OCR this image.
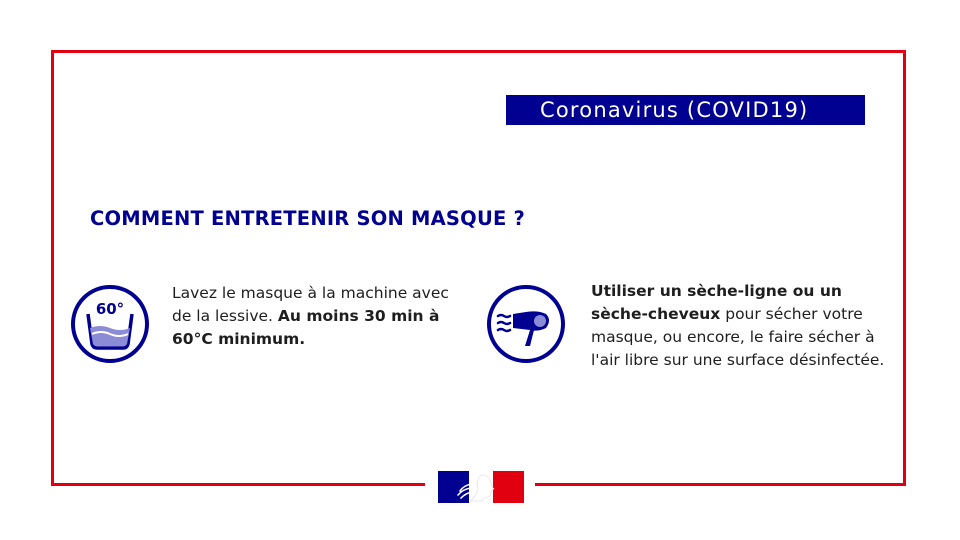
Coronavirus (COVID19)
COMMENT ENTRETENIR SON MASQUE ?
60°
Lavez le masque à la machine avec de la lessive. Au moins 30 min à 60°C minimum.
Utiliser un sèche-ligne ou un sèche-cheveux pour sécher votre masque, ou encore, le faire sécher à l'air libre sur une surface désinfectée.
